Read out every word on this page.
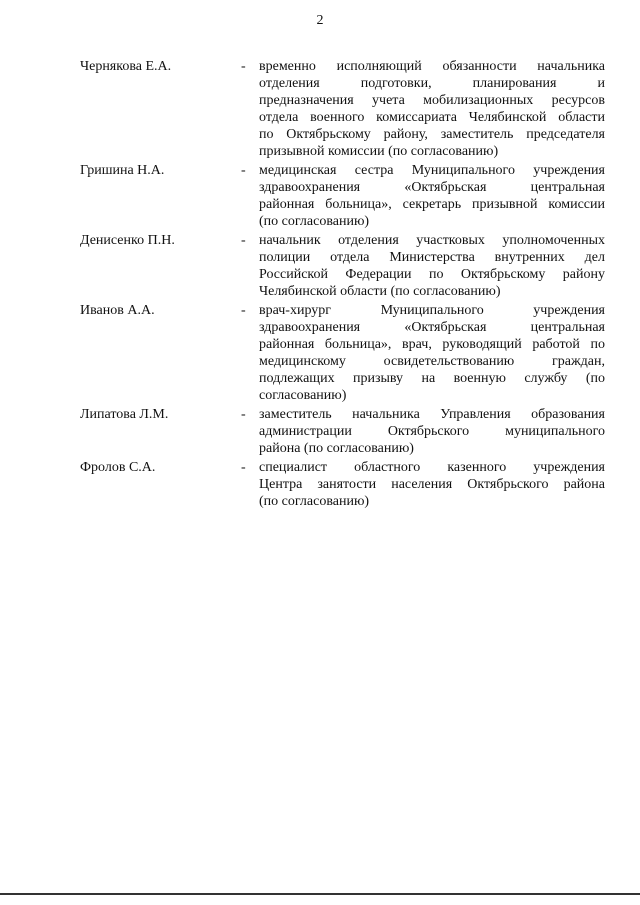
2
Чернякова Е.А.	- временно исполняющий обязанности начальника
отделения подготовки, планирования и
предназначения учета мобилизационных ресурсов
отдела военного комиссариата Челябинской области
по Октябрьскому району, заместитель председателя
призывной комиссии (по согласованию)
Гришина Н.А.	- медицинская сестра Муниципального учреждения
здравоохранения «Октябрьская центральная
районная больница», секретарь призывной комиссии
(по согласованию)
Денисенко П.Н.	- начальник отделения участковых уполномоченных
полиции отдела Министерства внутренних дел
Российской Федерации по Октябрьскому району
Челябинской области (по согласованию)
Иванов А.А.	- врач-хирург Муниципального учреждения
здравоохранения «Октябрьская центральная
районная больница», врач, руководящий работой по
медицинскому освидетельствованию граждан,
подлежащих призыву на военную службу (по
согласованию)
Липатова Л.М.	- заместитель начальника Управления образования
администрации Октябрьского муниципального
района (по согласованию)
Фролов С.А.	- специалист областного казенного учреждения
Центра занятости населения Октябрьского района
(по согласованию)
